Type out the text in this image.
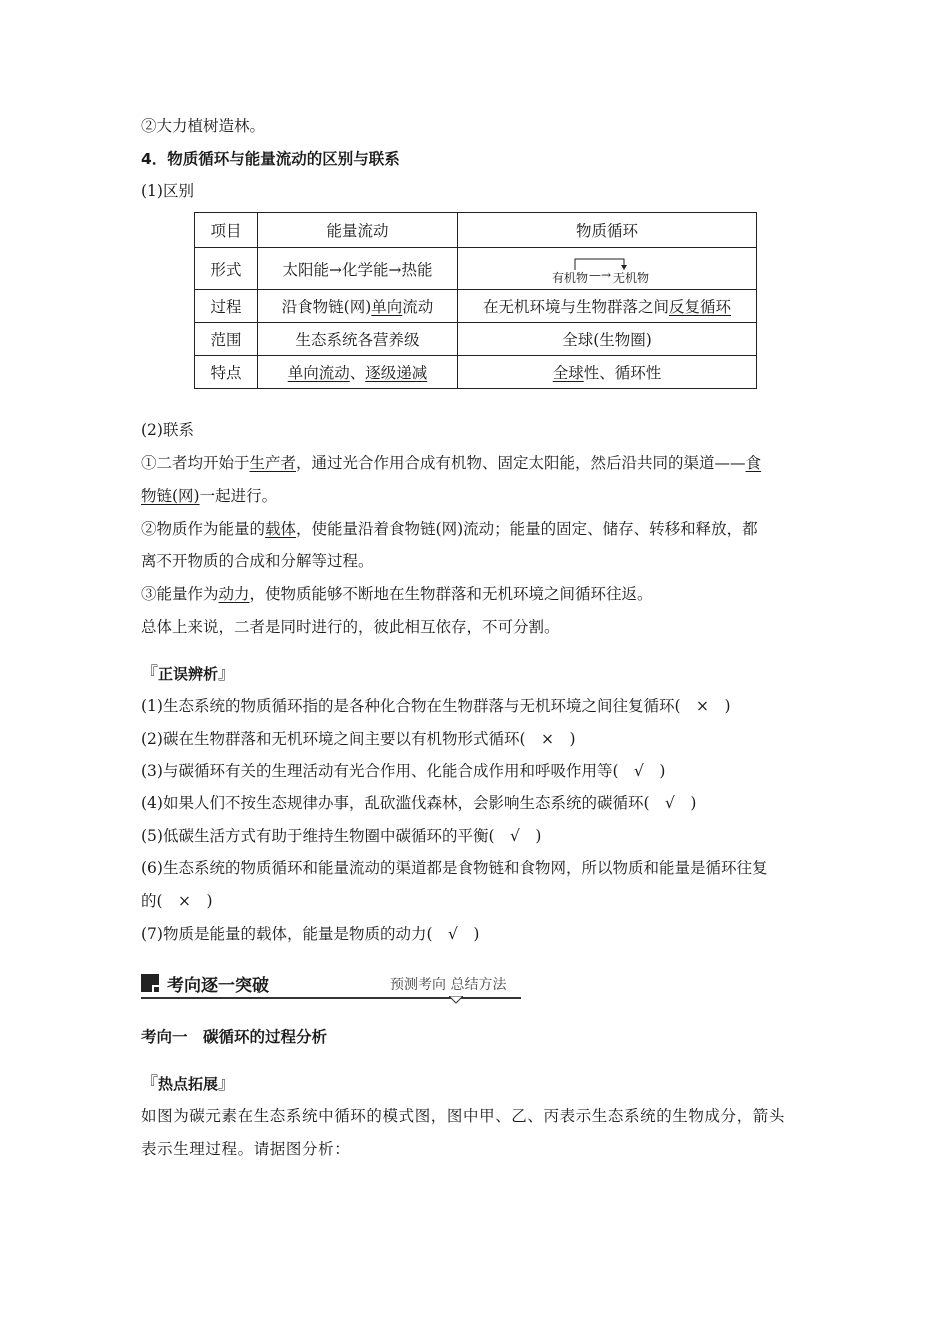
②大力植树造林。
4．物质循环与能量流动的区别与联系
(1)区别
项目	能量流动	物质循环
形式	太阳能→化学能→热能	有机物 —→ 无机物

过程	沿食物链(网)单向流动	在无机环境与生物群落之间反复循环
范围	生态系统各营养级	全球(生物圈)
特点	单向流动、逐级递减	全球性、循环性
(2)联系
①二者均开始于生产者，通过光合作用合成有机物、固定太阳能，然后沿共同的渠道——食
物链(网)一起进行。
②物质作为能量的载体，使能量沿着食物链(网)流动；能量的固定、储存、转移和释放，都
离不开物质的合成和分解等过程。
③能量作为动力，使物质能够不断地在生物群落和无机环境之间循环往返。
总体上来说，二者是同时进行的，彼此相互依存，不可分割。
『正误辨析』
(1)生态系统的物质循环指的是各种化合物在生物群落与无机环境之间往复循环(　×　)
(2)碳在生物群落和无机环境之间主要以有机物形式循环(　×　)
(3)与碳循环有关的生理活动有光合作用、化能合成作用和呼吸作用等(　√　)
(4)如果人们不按生态规律办事，乱砍滥伐森林，会影响生态系统的碳循环(　√　)
(5)低碳生活方式有助于维持生物圈中碳循环的平衡(　√　)
(6)生态系统的物质循环和能量流动的渠道都是食物链和食物网，所以物质和能量是循环往复
的(　×　)
(7)物质是能量的载体，能量是物质的动力(　√　)
考向逐一突破	预测考向 总结方法
考向一　碳循环的过程分析
『热点拓展』
如图为碳元素在生态系统中循环的模式图，图中甲、乙、丙表示生态系统的生物成分，箭头
表示生理过程。请据图分析：
